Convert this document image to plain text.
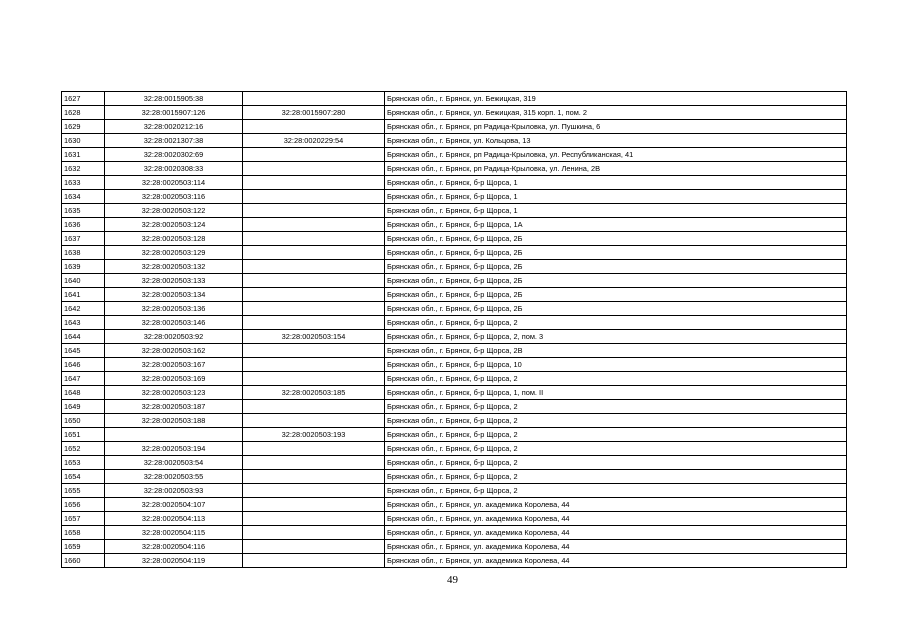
1627	32:28:0015905:38		Брянская обл., г. Брянск, ул. Бежицкая, 319
1628	32:28:0015907:126	32:28:0015907:280	Брянская обл., г. Брянск, ул. Бежицкая, 315 корп. 1, пом. 2
1629	32:28:0020212:16		Брянская обл., г. Брянск, рп Радица-Крыловка, ул. Пушкина, 6
1630	32:28:0021307:38	32:28:0020229:54	Брянская обл., г. Брянск, ул. Кольцова, 13
1631	32:28:0020302:69		Брянская обл., г. Брянск, рп Радица-Крыловка, ул. Республиканская, 41
1632	32:28:0020308:33		Брянская обл., г. Брянск, рп Радица-Крыловка, ул. Ленина, 2В
1633	32:28:0020503:114		Брянская обл., г. Брянск, б-р Щорса, 1
1634	32:28:0020503:116		Брянская обл., г. Брянск, б-р Щорса, 1
1635	32:28:0020503:122		Брянская обл., г. Брянск, б-р Щорса, 1
1636	32:28:0020503:124		Брянская обл., г. Брянск, б-р Щорса, 1А
1637	32:28:0020503:128		Брянская обл., г. Брянск, б-р Щорса, 2Б
1638	32:28:0020503:129		Брянская обл., г. Брянск, б-р Щорса, 2Б
1639	32:28:0020503:132		Брянская обл., г. Брянск, б-р Щорса, 2Б
1640	32:28:0020503:133		Брянская обл., г. Брянск, б-р Щорса, 2Б
1641	32:28:0020503:134		Брянская обл., г. Брянск, б-р Щорса, 2Б
1642	32:28:0020503:136		Брянская обл., г. Брянск, б-р Щорса, 2Б
1643	32:28:0020503:146		Брянская обл., г. Брянск, б-р Щорса, 2
1644	32:28:0020503:92	32:28:0020503:154	Брянская обл., г. Брянск, б-р Щорса, 2, пом. 3
1645	32:28:0020503:162		Брянская обл., г. Брянск, б-р Щорса, 2В
1646	32:28:0020503:167		Брянская обл., г. Брянск, б-р Щорса, 10
1647	32:28:0020503:169		Брянская обл., г. Брянск, б-р Щорса, 2
1648	32:28:0020503:123	32:28:0020503:185	Брянская обл., г. Брянск, б-р Щорса, 1, пом. II
1649	32:28:0020503:187		Брянская обл., г. Брянск, б-р Щорса, 2
1650	32:28:0020503:188		Брянская обл., г. Брянск, б-р Щорса, 2
1651		32:28:0020503:193	Брянская обл., г. Брянск, б-р Щорса, 2
1652	32:28:0020503:194		Брянская обл., г. Брянск, б-р Щорса, 2
1653	32:28:0020503:54		Брянская обл., г. Брянск, б-р Щорса, 2
1654	32:28:0020503:55		Брянская обл., г. Брянск, б-р Щорса, 2
1655	32:28:0020503:93		Брянская обл., г. Брянск, б-р Щорса, 2
1656	32:28:0020504:107		Брянская обл., г. Брянск, ул. академика Королева, 44
1657	32:28:0020504:113		Брянская обл., г. Брянск, ул. академика Королева, 44
1658	32:28:0020504:115		Брянская обл., г. Брянск, ул. академика Королева, 44
1659	32:28:0020504:116		Брянская обл., г. Брянск, ул. академика Королева, 44
1660	32:28:0020504:119		Брянская обл., г. Брянск, ул. академика Королева, 44
49
